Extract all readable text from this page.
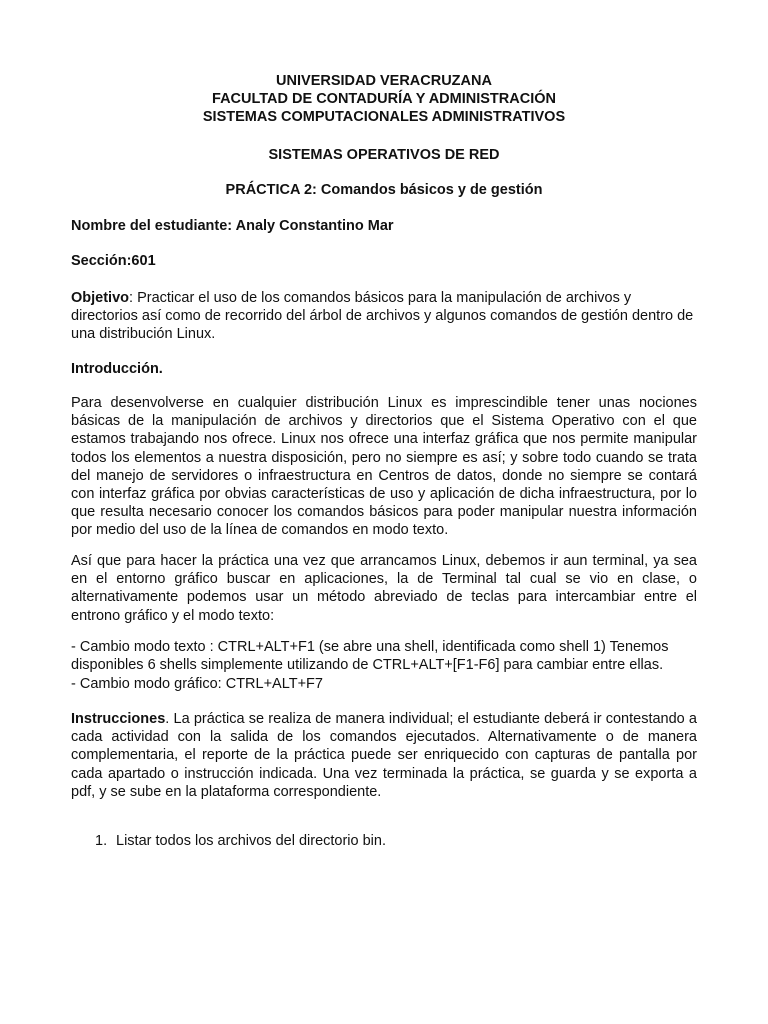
UNIVERSIDAD VERACRUZANA
FACULTAD DE CONTADURÍA Y ADMINISTRACIÓN
SISTEMAS COMPUTACIONALES ADMINISTRATIVOS
SISTEMAS OPERATIVOS DE RED
PRÁCTICA 2: Comandos básicos y de gestión
Nombre del estudiante: Analy Constantino Mar
Sección:601
Objetivo: Practicar el uso de los comandos básicos para la manipulación de archivos y directorios así como de recorrido del árbol de archivos y algunos comandos de gestión dentro de una distribución Linux.
Introducción.
Para desenvolverse en cualquier distribución Linux es imprescindible tener unas nociones básicas de la manipulación de archivos y directorios que el Sistema Operativo con el que estamos trabajando nos ofrece. Linux nos ofrece una interfaz gráfica que nos permite manipular todos los elementos a nuestra disposición, pero no siempre es así; y sobre todo cuando se trata del manejo de servidores o infraestructura en Centros de datos, donde no siempre se contará con interfaz gráfica por obvias características de uso y aplicación de dicha infraestructura, por lo que resulta necesario conocer los comandos básicos para poder manipular nuestra información por medio del uso de la línea de comandos en modo texto.
Así que para hacer la práctica una vez que arrancamos Linux, debemos ir aun terminal, ya sea en el entorno gráfico buscar en aplicaciones, la de Terminal tal cual se vio en clase, o alternativamente podemos usar un método abreviado de teclas para intercambiar entre el entrono gráfico y el modo texto:
- Cambio modo texto : CTRL+ALT+F1 (se abre una shell, identificada como shell 1) Tenemos disponibles 6 shells simplemente utilizando de CTRL+ALT+[F1-F6] para cambiar entre ellas.
- Cambio modo gráfico: CTRL+ALT+F7
Instrucciones. La práctica se realiza de manera individual; el estudiante deberá ir contestando a cada actividad con la salida de los comandos ejecutados. Alternativamente o de manera complementaria, el reporte de la práctica puede ser enriquecido con capturas de pantalla por cada apartado o instrucción indicada. Una vez terminada la práctica, se guarda y se exporta a pdf, y se sube en la plataforma correspondiente.
1. Listar todos los archivos del directorio bin.
